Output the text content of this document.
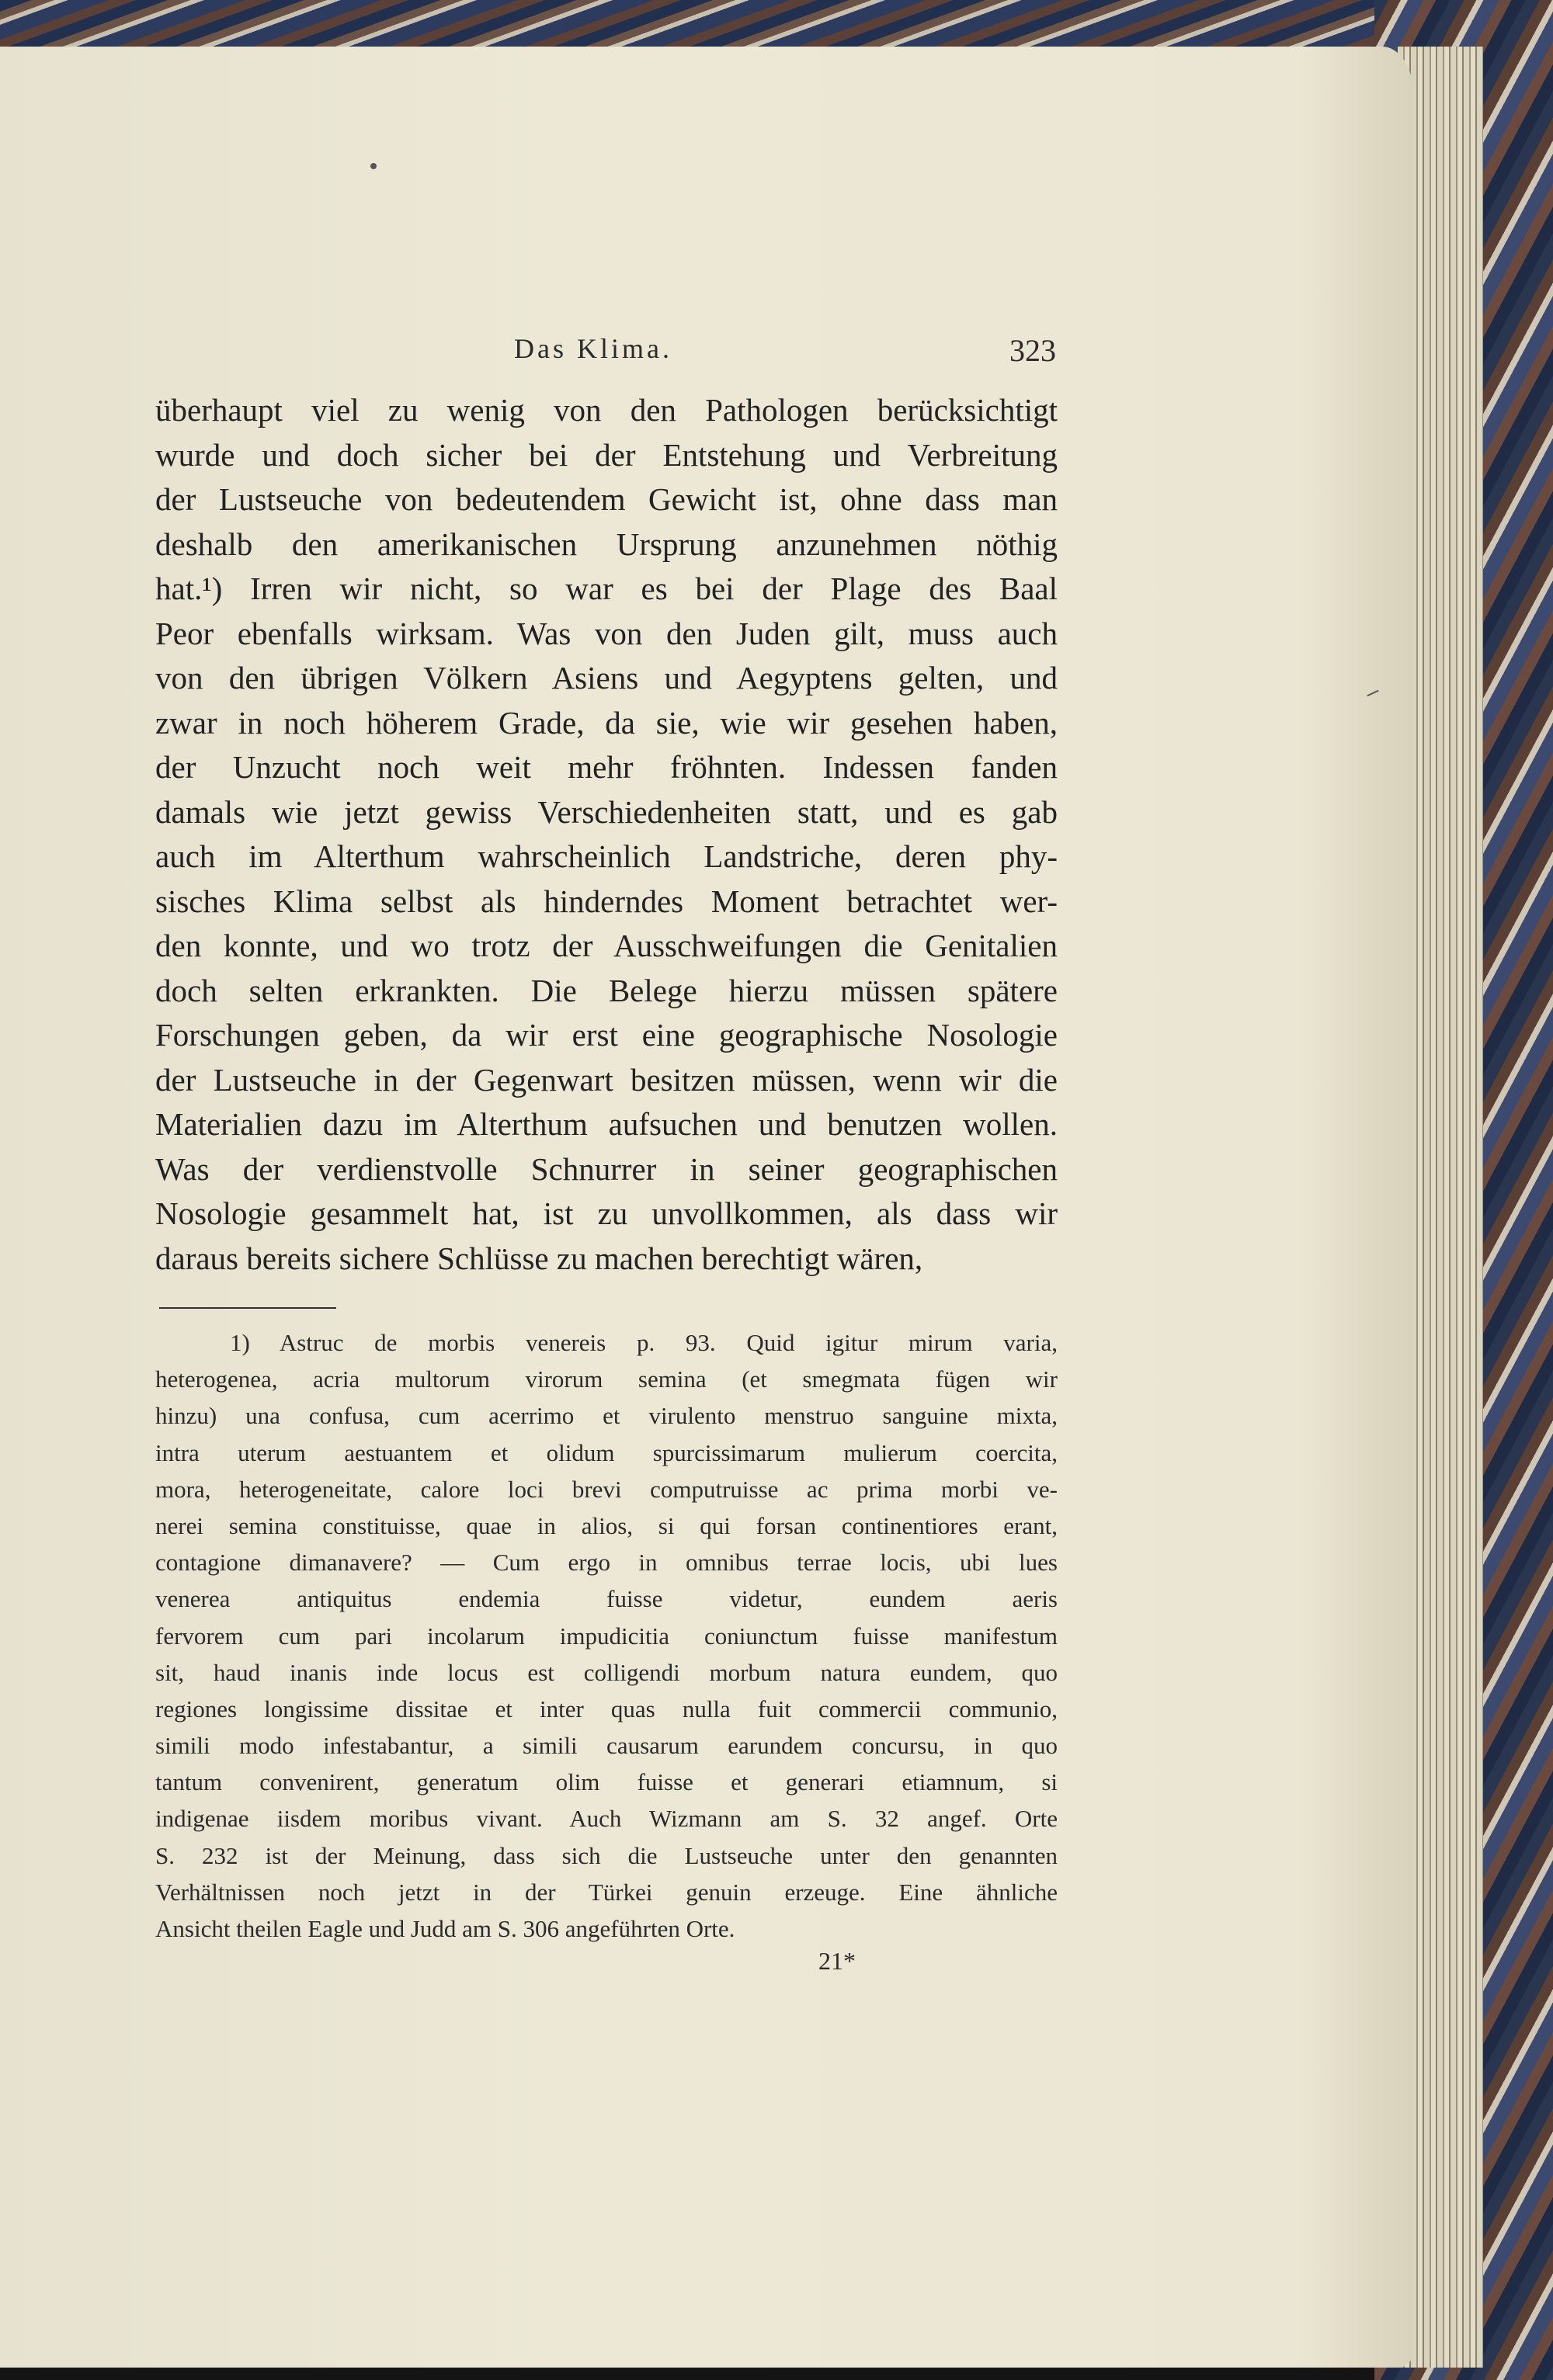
Das Klima.	323
überhaupt viel zu wenig von den Pathologen berücksichtigt
wurde und doch sicher bei der Entstehung und Verbreitung
der Lustseuche von bedeutendem Gewicht ist, ohne dass man
deshalb den amerikanischen Ursprung anzunehmen nöthig
hat.¹) Irren wir nicht, so war es bei der Plage des Baal
Peor ebenfalls wirksam. Was von den Juden gilt, muss auch
von den übrigen Völkern Asiens und Aegyptens gelten, und
zwar in noch höherem Grade, da sie, wie wir gesehen haben,
der Unzucht noch weit mehr fröhnten. Indessen fanden
damals wie jetzt gewiss Verschiedenheiten statt, und es gab
auch im Alterthum wahrscheinlich Landstriche, deren phy-
sisches Klima selbst als hinderndes Moment betrachtet wer-
den konnte, und wo trotz der Ausschweifungen die Genitalien
doch selten erkrankten. Die Belege hierzu müssen spätere
Forschungen geben, da wir erst eine geographische Nosologie
der Lustseuche in der Gegenwart besitzen müssen, wenn wir die
Materialien dazu im Alterthum aufsuchen und benutzen wollen.
Was der verdienstvolle Schnurrer in seiner geographischen
Nosologie gesammelt hat, ist zu unvollkommen, als dass wir
daraus bereits sichere Schlüsse zu machen berechtigt wären,
1) Astruc de morbis venereis p. 93. Quid igitur mirum varia,
heterogenea, acria multorum virorum semina (et smegmata fügen wir
hinzu) una confusa, cum acerrimo et virulento menstruo sanguine mixta,
intra uterum aestuantem et olidum spurcissimarum mulierum coercita,
mora, heterogeneitate, calore loci brevi computruisse ac prima morbi ve-
nerei semina constituisse, quae in alios, si qui forsan continentiores erant,
contagione dimanavere? — Cum ergo in omnibus terrae locis, ubi lues
venerea antiquitus endemia fuisse videtur, eundem aeris
fervorem cum pari incolarum impudicitia coniunctum fuisse manifestum
sit, haud inanis inde locus est colligendi morbum natura eundem, quo
regiones longissime dissitae et inter quas nulla fuit commercii communio,
simili modo infestabantur, a simili causarum earundem concursu, in quo
tantum convenirent, generatum olim fuisse et generari etiamnum, si
indigenae iisdem moribus vivant. Auch Wizmann am S. 32 angef. Orte
S. 232 ist der Meinung, dass sich die Lustseuche unter den genannten
Verhältnissen noch jetzt in der Türkei genuin erzeuge. Eine ähnliche
Ansicht theilen Eagle und Judd am S. 306 angeführten Orte.
21*
